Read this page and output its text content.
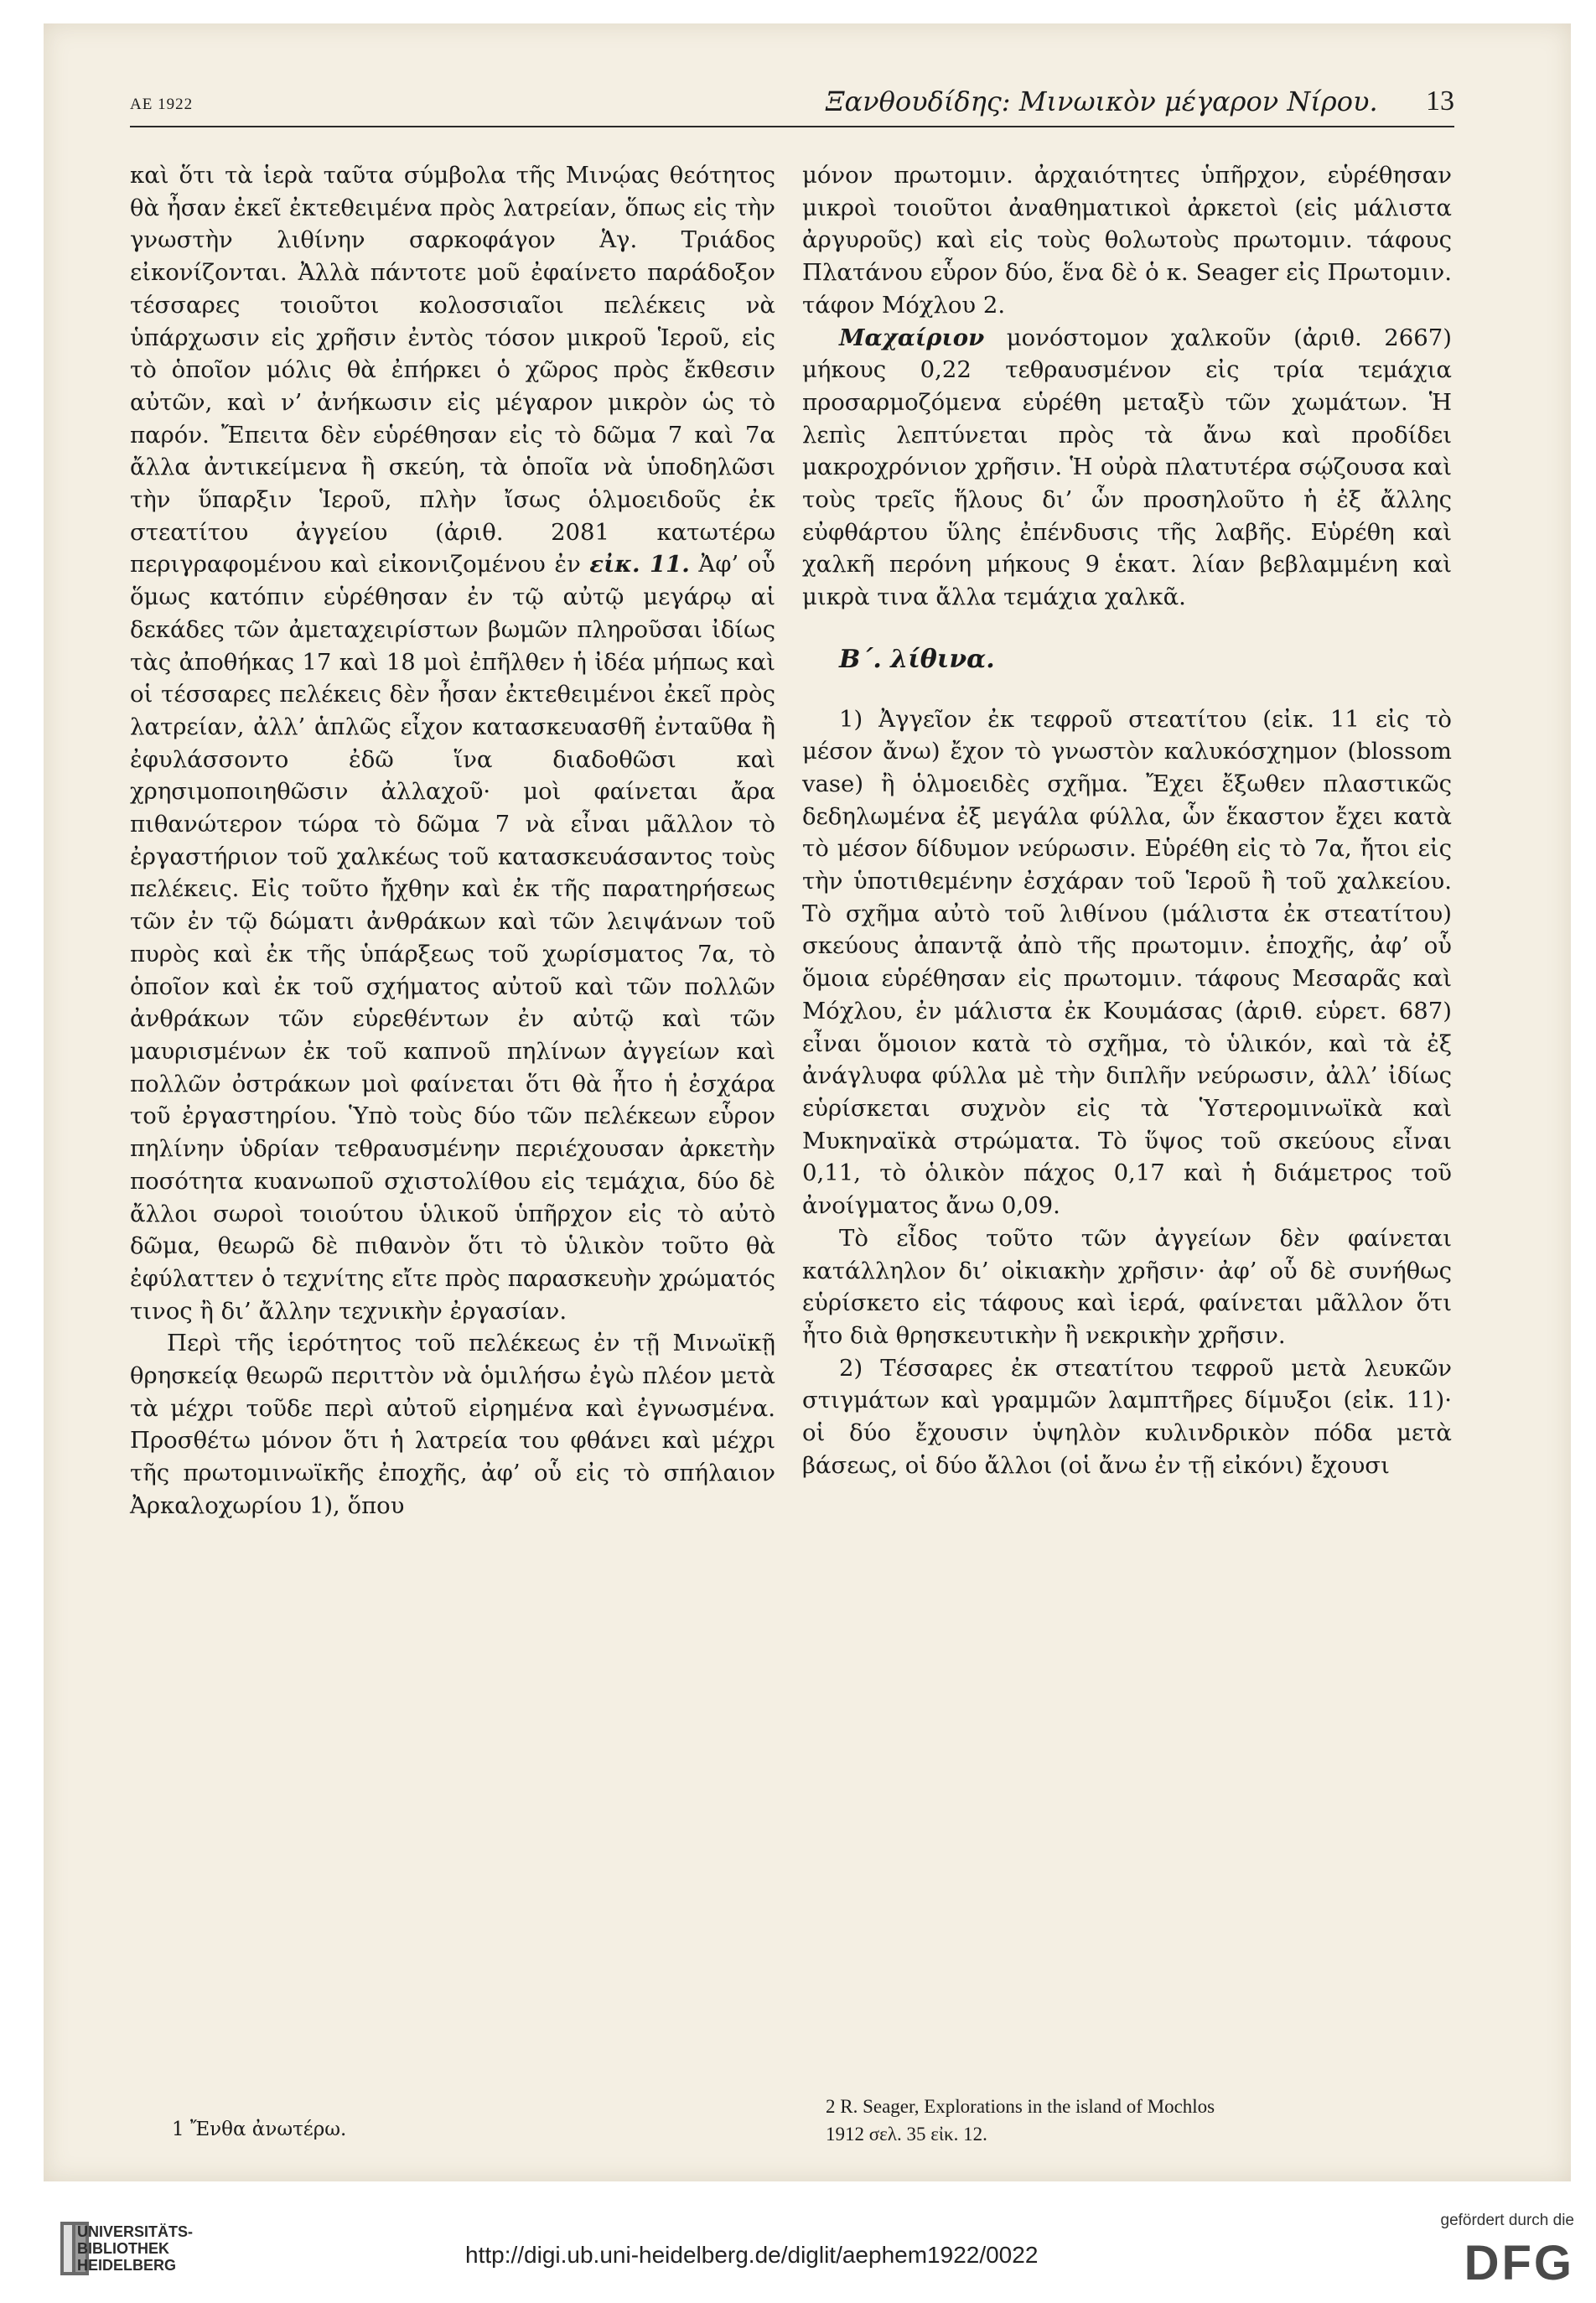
ΑΕ 1922	Ξανθουδίδης: Μινωικὸν μέγαρον Νίρου. 13

καὶ ὅτι τὰ ἱερὰ ταῦτα σύμβολα τῆς Μινῴας θεότητος θὰ ἦσαν ἐκεῖ ἐκτεθειμένα πρὸς λατρείαν, ὅπως εἰς τὴν γνωστὴν λιθίνην σαρκοφάγον Ἁγ. Τριάδος εἰκονίζονται. Ἀλλὰ πάντοτε μοῦ ἐφαίνετο παράδοξον τέσσαρες τοιοῦτοι κολοσσιαῖοι πελέκεις νὰ ὑπάρχωσιν εἰς χρῆσιν ἐντὸς τόσον μικροῦ Ἱεροῦ, εἰς τὸ ὁποῖον μόλις θὰ ἐπήρκει ὁ χῶρος πρὸς ἔκθεσιν αὐτῶν, καὶ ν’ ἀνήκωσιν εἰς μέγαρον μικρὸν ὡς τὸ παρόν. Ἔπειτα δὲν εὑρέθησαν εἰς τὸ δῶμα 7 καὶ 7α ἄλλα ἀντικείμενα ἢ σκεύη, τὰ ὁποῖα νὰ ὑποδηλῶσι τὴν ὕπαρξιν Ἱεροῦ, πλὴν ἴσως ὁλμοειδοῦς ἐκ στεατίτου ἀγγείου (ἀριθ. 2081 κατωτέρω περιγραφομένου καὶ εἰκονιζομένου ἐν εἰκ. 11. Ἀφ’ οὗ ὅμως κατόπιν εὑρέθησαν ἐν τῷ αὐτῷ μεγάρῳ αἱ δεκάδες τῶν ἀμεταχειρίστων βωμῶν πληροῦσαι ἰδίως τὰς ἀποθήκας 17 καὶ 18 μοὶ ἐπῆλθεν ἡ ἰδέα μήπως καὶ οἱ τέσσαρες πελέκεις δὲν ἦσαν ἐκτεθειμένοι ἐκεῖ πρὸς λατρείαν, ἀλλ’ ἁπλῶς εἶχον κατασκευασθῆ ἐνταῦθα ἢ ἐφυλάσσοντο ἐδῶ ἵνα διαδοθῶσι καὶ χρησιμοποιηθῶσιν ἀλλαχοῦ· μοὶ φαίνεται ἄρα πιθανώτερον τώρα τὸ δῶμα 7 νὰ εἶναι μᾶλλον τὸ ἐργαστήριον τοῦ χαλκέως τοῦ κατασκευάσαντος τοὺς πελέκεις. Εἰς τοῦτο ἤχθην καὶ ἐκ τῆς παρατηρήσεως τῶν ἐν τῷ δώματι ἀνθράκων καὶ τῶν λειψάνων τοῦ πυρὸς καὶ ἐκ τῆς ὑπάρξεως τοῦ χωρίσματος 7α, τὸ ὁποῖον καὶ ἐκ τοῦ σχήματος αὐτοῦ καὶ τῶν πολλῶν ἀνθράκων τῶν εὑρεθέντων ἐν αὐτῷ καὶ τῶν μαυρισμένων ἐκ τοῦ καπνοῦ πηλίνων ἀγγείων καὶ πολλῶν ὀστράκων μοὶ φαίνεται ὅτι θὰ ἦτο ἡ ἐσχάρα τοῦ ἐργαστηρίου. Ὑπὸ τοὺς δύο τῶν πελέκεων εὗρον πηλίνην ὑδρίαν τεθραυσμένην περιέχουσαν ἀρκετὴν ποσότητα κυανωποῦ σχιστολίθου εἰς τεμάχια, δύο δὲ ἄλλοι σωροὶ τοιούτου ὑλικοῦ ὑπῆρχον εἰς τὸ αὐτὸ δῶμα, θεωρῶ δὲ πιθανὸν ὅτι τὸ ὑλικὸν τοῦτο θὰ ἐφύλαττεν ὁ τεχνίτης εἴτε πρὸς παρασκευὴν χρώματός τινος ἢ δι’ ἄλλην τεχνικὴν ἐργασίαν.

Περὶ τῆς ἱερότητος τοῦ πελέκεως ἐν τῇ Μινωϊκῇ θρησκείᾳ θεωρῶ περιττὸν νὰ ὁμιλήσω ἐγὼ πλέον μετὰ τὰ μέχρι τοῦδε περὶ αὐτοῦ εἰρημένα καὶ ἐγνωσμένα. Προσθέτω μόνον ὅτι ἡ λατρεία του φθάνει καὶ μέχρι τῆς πρωτομινωϊκῆς ἐποχῆς, ἀφ’ οὗ εἰς τὸ σπήλαιον Ἀρκαλοχωρίου 1), ὅπου

μόνον πρωτομιν. ἀρχαιότητες ὑπῆρχον, εὑρέθησαν μικροὶ τοιοῦτοι ἀναθηματικοὶ ἀρκετοὶ (εἰς μάλιστα ἀργυροῦς) καὶ εἰς τοὺς θολωτοὺς πρωτομιν. τάφους Πλατάνου εὗρον δύο, ἕνα δὲ ὁ κ. Seager εἰς Πρωτομιν. τάφον Μόχλου 2.

Μαχαίριον μονόστομον χαλκοῦν (ἀριθ. 2667) μήκους 0,22 τεθραυσμένον εἰς τρία τεμάχια προσαρμοζόμενα εὑρέθη μεταξὺ τῶν χωμάτων. Ἡ λεπὶς λεπτύνεται πρὸς τὰ ἄνω καὶ προδίδει μακροχρόνιον χρῆσιν. Ἡ οὐρὰ πλατυτέρα σῴζουσα καὶ τοὺς τρεῖς ἥλους δι’ ὧν προσηλοῦτο ἡ ἐξ ἄλλης εὐφθάρτου ὕλης ἐπένδυσις τῆς λαβῆς. Εὑρέθη καὶ χαλκῆ περόνη μήκους 9 ἑκατ. λίαν βεβλαμμένη καὶ μικρὰ τινα ἄλλα τεμάχια χαλκᾶ.

Β΄. λίθινα.

1) Ἀγγεῖον ἐκ τεφροῦ στεατίτου (εἰκ. 11 εἰς τὸ μέσον ἄνω) ἔχον τὸ γνωστὸν καλυκόσχημον (blossom vase) ἢ ὁλμοειδὲς σχῆμα. Ἔχει ἔξωθεν πλαστικῶς δεδηλωμένα ἐξ μεγάλα φύλλα, ὧν ἕκαστον ἔχει κατὰ τὸ μέσον δίδυμον νεύρωσιν. Εὑρέθη εἰς τὸ 7α, ἤτοι εἰς τὴν ὑποτιθεμένην ἐσχάραν τοῦ Ἱεροῦ ἢ τοῦ χαλκείου. Τὸ σχῆμα αὐτὸ τοῦ λιθίνου (μάλιστα ἐκ στεατίτου) σκεύους ἀπαντᾷ ἀπὸ τῆς πρωτομιν. ἐποχῆς, ἀφ’ οὗ ὅμοια εὑρέθησαν εἰς πρωτομιν. τάφους Μεσαρᾶς καὶ Μόχλου, ἐν μάλιστα ἐκ Κουμάσας (ἀριθ. εὑρετ. 687) εἶναι ὅμοιον κατὰ τὸ σχῆμα, τὸ ὑλικόν, καὶ τὰ ἐξ ἀνάγλυφα φύλλα μὲ τὴν διπλῆν νεύρωσιν, ἀλλ’ ἰδίως εὑρίσκεται συχνὸν εἰς τὰ Ὑστερομινωϊκὰ καὶ Μυκηναϊκὰ στρώματα. Τὸ ὕψος τοῦ σκεύους εἶναι 0,11, τὸ ὁλικὸν πάχος 0,17 καὶ ἡ διάμετρος τοῦ ἀνοίγματος ἄνω 0,09.

Τὸ εἶδος τοῦτο τῶν ἀγγείων δὲν φαίνεται κατάλληλον δι’ οἰκιακὴν χρῆσιν· ἀφ’ οὗ δὲ συνήθως εὑρίσκετο εἰς τάφους καὶ ἱερά, φαίνεται μᾶλλον ὅτι ἦτο διὰ θρησκευτικὴν ἢ νεκρικὴν χρῆσιν.

2) Τέσσαρες ἐκ στεατίτου τεφροῦ μετὰ λευκῶν στιγμάτων καὶ γραμμῶν λαμπτῆρες δίμυξοι (εἰκ. 11)· οἱ δύο ἔχουσιν ὑψηλὸν κυλινδρικὸν πόδα μετὰ βάσεως, οἱ δύο ἄλλοι (οἱ ἄνω ἐν τῇ εἰκόνι) ἔχουσι

1 Ἔνθα ἀνωτέρω.
2 R. Seager, Explorations in the island of Mochlos
1912 σελ. 35 εἰκ. 12.
UNIVERSITÄTS-
BIBLIOTHEK
HEIDELBERG	http://digi.ub.uni-heidelberg.de/diglit/aephem1922/0022
gefördert durch die
DFG
